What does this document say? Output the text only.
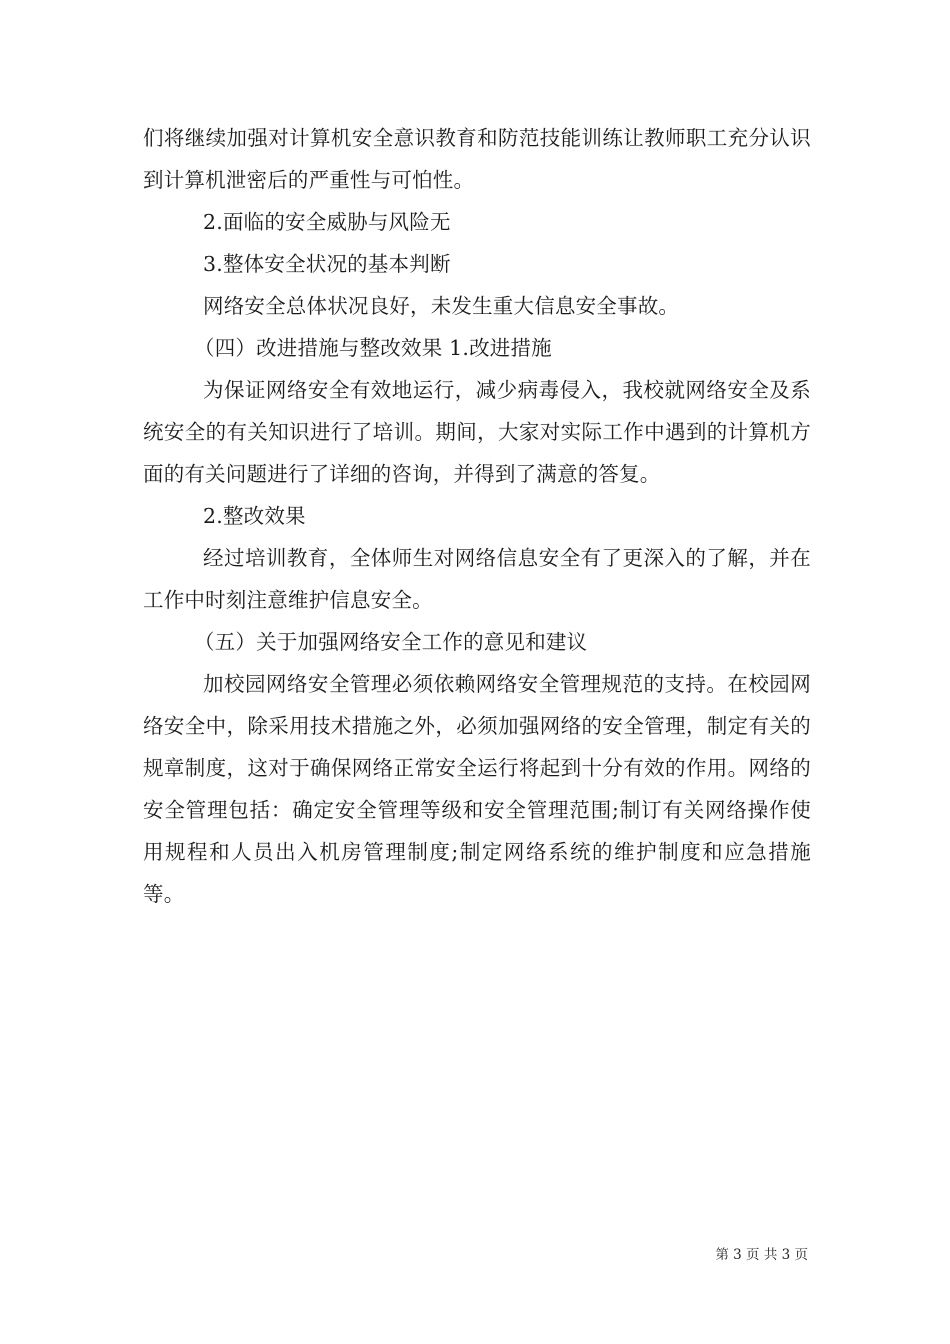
们将继续加强对计算机安全意识教育和防范技能训练让教师职工充分认识到计算机泄密后的严重性与可怕性。

2.面临的安全威胁与风险无

3.整体安全状况的基本判断

网络安全总体状况良好，未发生重大信息安全事故。

（四）改进措施与整改效果 1.改进措施

为保证网络安全有效地运行，减少病毒侵入，我校就网络安全及系统安全的有关知识进行了培训。期间，大家对实际工作中遇到的计算机方面的有关问题进行了详细的咨询，并得到了满意的答复。

2.整改效果

经过培训教育，全体师生对网络信息安全有了更深入的了解，并在工作中时刻注意维护信息安全。

（五）关于加强网络安全工作的意见和建议

加校园网络安全管理必须依赖网络安全管理规范的支持。在校园网络安全中，除采用技术措施之外，必须加强网络的安全管理，制定有关的规章制度，这对于确保网络正常安全运行将起到十分有效的作用。网络的安全管理包括：确定安全管理等级和安全管理范围;制订有关网络操作使用规程和人员出入机房管理制度;制定网络系统的维护制度和应急措施等。

第 3 页 共 3 页
